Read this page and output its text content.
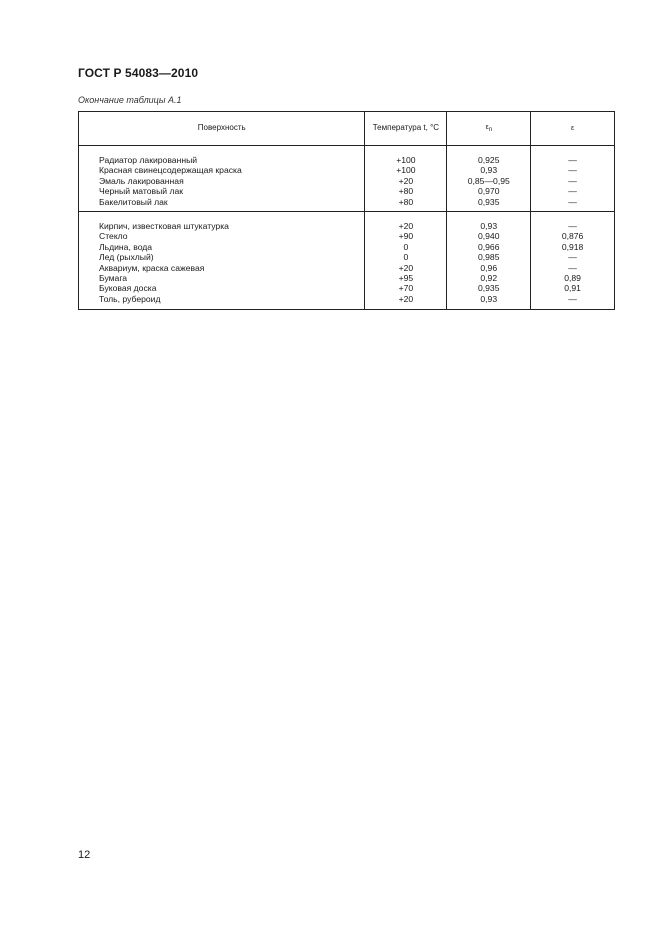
ГОСТ Р 54083—2010
Окончание таблицы А.1
Поверхность	Температура t, °С	$\varepsilon_п$	ε
Радиатор лакированный	+100	0,925	—
Красная свинецсодержащая краска	+100	0,93	—
Эмаль лакированная	+20	0,85—0,95	—
Черный матовый лак	+80	0,970	—
Бакелитовый лак	+80	0,935	—
Кирпич, известковая штукатурка	+20	0,93	—
Стекло	+90	0,940	0,876
Льдина, вода	0	0,966	0,918
Лед (рыхлый)	0	0,985	—
Аквариум, краска сажевая	+20	0,96	—
Бумага	+95	0,92	0,89
Буковая доска	+70	0,935	0,91
Толь, рубероид	+20	0,93	—
12
